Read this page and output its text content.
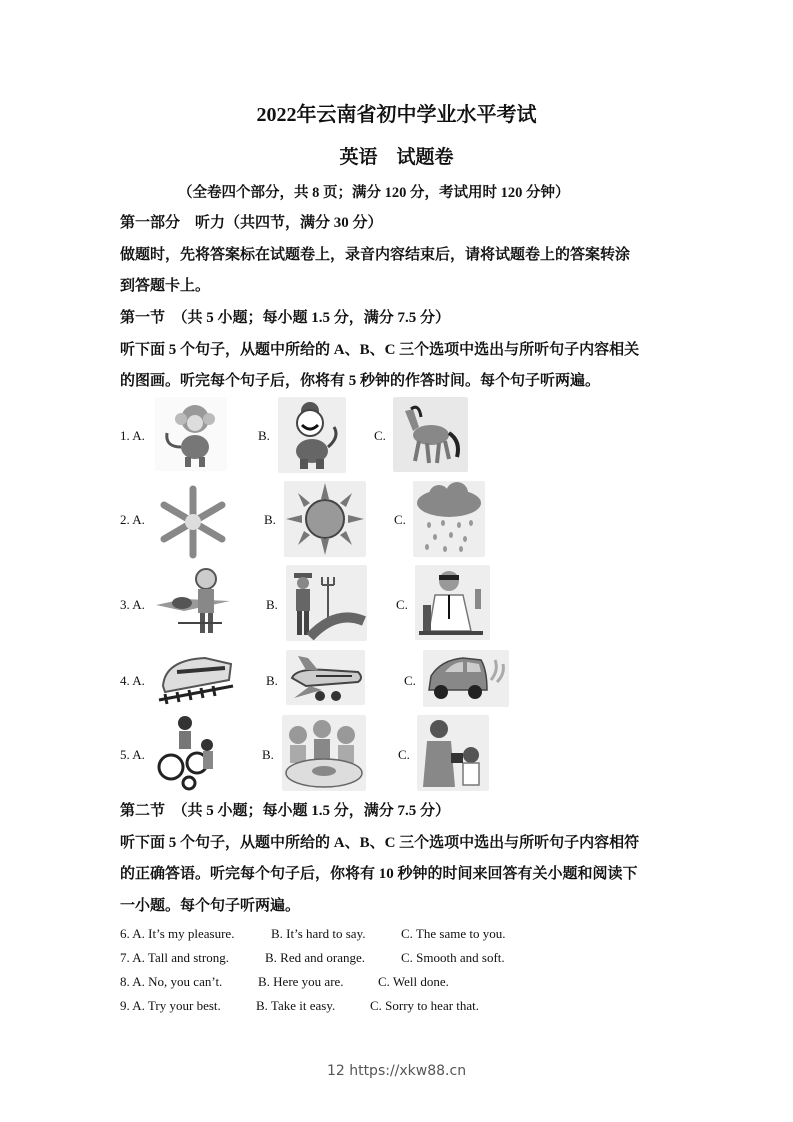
2022年云南省初中学业水平考试
英语　试题卷
（全卷四个部分，共 8 页；满分 120 分，考试用时 120 分钟）
第一部分　听力（共四节，满分 30 分）
做题时，先将答案标在试题卷上，录音内容结束后，请将试题卷上的答案转涂
到答题卡上。
第一节　（共 5 小题；每小题 1.5 分，满分 7.5 分）
听下面 5 个句子，从题中所给的 A、B、C 三个选项中选出与所听句子内容相关
的图画。听完每个句子后，你将有 5 秒钟的作答时间。每个句子听两遍。
1. A.	B.	C.
2. A.	B.	C.
3. A.	B.	C.
4. A.	B.	C.
5. A.	B.	C.
第二节　（共 5 小题；每小题 1.5 分，满分 7.5 分）
听下面 5 个句子，从题中所给的 A、B、C 三个选项中选出与所听句子内容相符
的正确答语。听完每个句子后，你将有 10 秒钟的时间来回答有关小题和阅读下
一小题。每个句子听两遍。
6. A. It’s my pleasure.	B. It’s hard to say.	C. The same to you.
7. A. Tall and strong.	B. Red and orange.	C. Smooth and soft.
8. A. No, you can’t.	B. Here you are.	C. Well done.
9. A. Try your best.	B. Take it easy.	C. Sorry to hear that.
12 https://xkw88.cn
